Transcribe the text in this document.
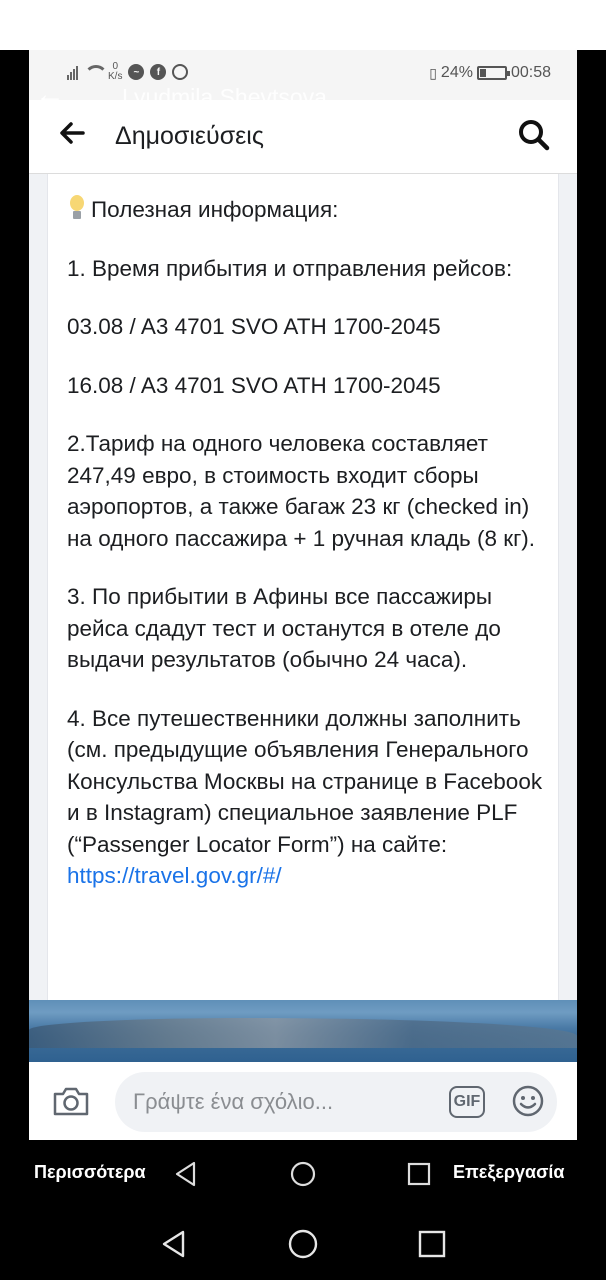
0
K/s	~	f	▯ 24% 00:58
Δημοσιεύσεις
← Lyudmila Shevtsova

Полезная информация:

1. Время прибытия и отправления рейсов:

03.08 / A3 4701 SVO ATH 1700-2045

16.08 / A3 4701 SVO ATH 1700-2045

2.Тариф на одного человека составляет 247,49 евро, в стоимость входит сборы аэропортов, а также багаж 23 кг (checked in) на одного пассажира + 1 ручная кладь (8 кг).

3. По прибытии в Афины все пассажиры рейса сдадут тест и останутся в отеле до выдачи результатов (обычно 24 часа).

4. Все путешественники должны заполнить (см. предыдущие объявления Генерального Консульства Москвы на странице в Facebook и в Instagram) специальное заявление PLF (“Passenger Locator Form”) на сайте:
https://travel.gov.gr/#/

Γράψτε ένα σχόλιο...
GIF
Περισσότερα	Επεξεργασία
